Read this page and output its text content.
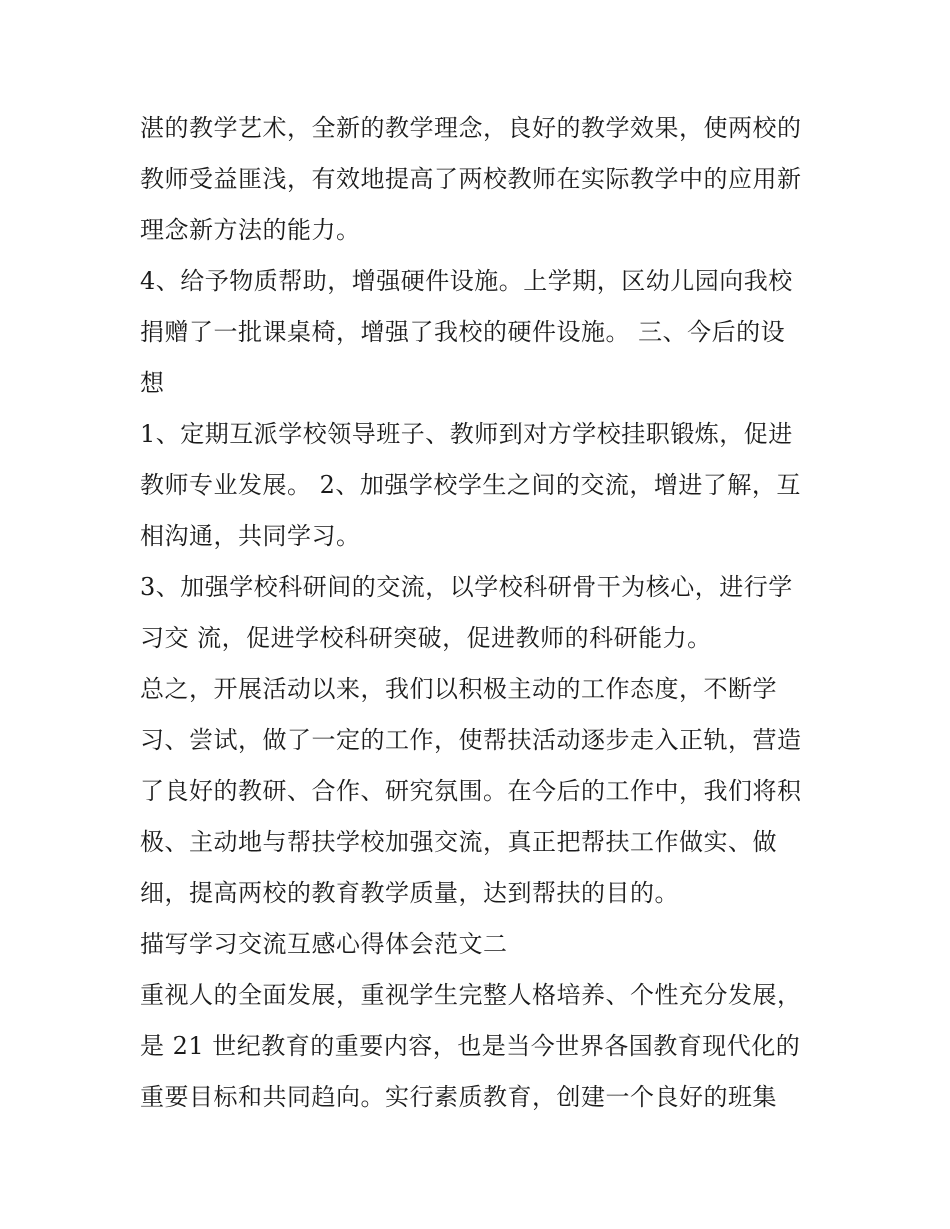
湛的教学艺术，全新的教学理念，良好的教学效果，使两校的
教师受益匪浅，有效地提高了两校教师在实际教学中的应用新
理念新方法的能力。
4、给予物质帮助，增强硬件设施。上学期，区幼儿园向我校
捐赠了一批课桌椅，增强了我校的硬件设施。 三、今后的设
想
1、定期互派学校领导班子、教师到对方学校挂职锻炼，促进
教师专业发展。 2、加强学校学生之间的交流，增进了解，互
相沟通，共同学习。
3、加强学校科研间的交流，以学校科研骨干为核心，进行学
习交 流，促进学校科研突破，促进教师的科研能力。
总之，开展活动以来，我们以积极主动的工作态度，不断学
习、尝试，做了一定的工作，使帮扶活动逐步走入正轨，营造
了良好的教研、合作、研究氛围。在今后的工作中，我们将积
极、主动地与帮扶学校加强交流，真正把帮扶工作做实、做
细，提高两校的教育教学质量，达到帮扶的目的。
描写学习交流互感心得体会范文二
重视人的全面发展，重视学生完整人格培养、个性充分发展，
是 21 世纪教育的重要内容，也是当今世界各国教育现代化的
重要目标和共同趋向。实行素质教育，创建一个良好的班集
